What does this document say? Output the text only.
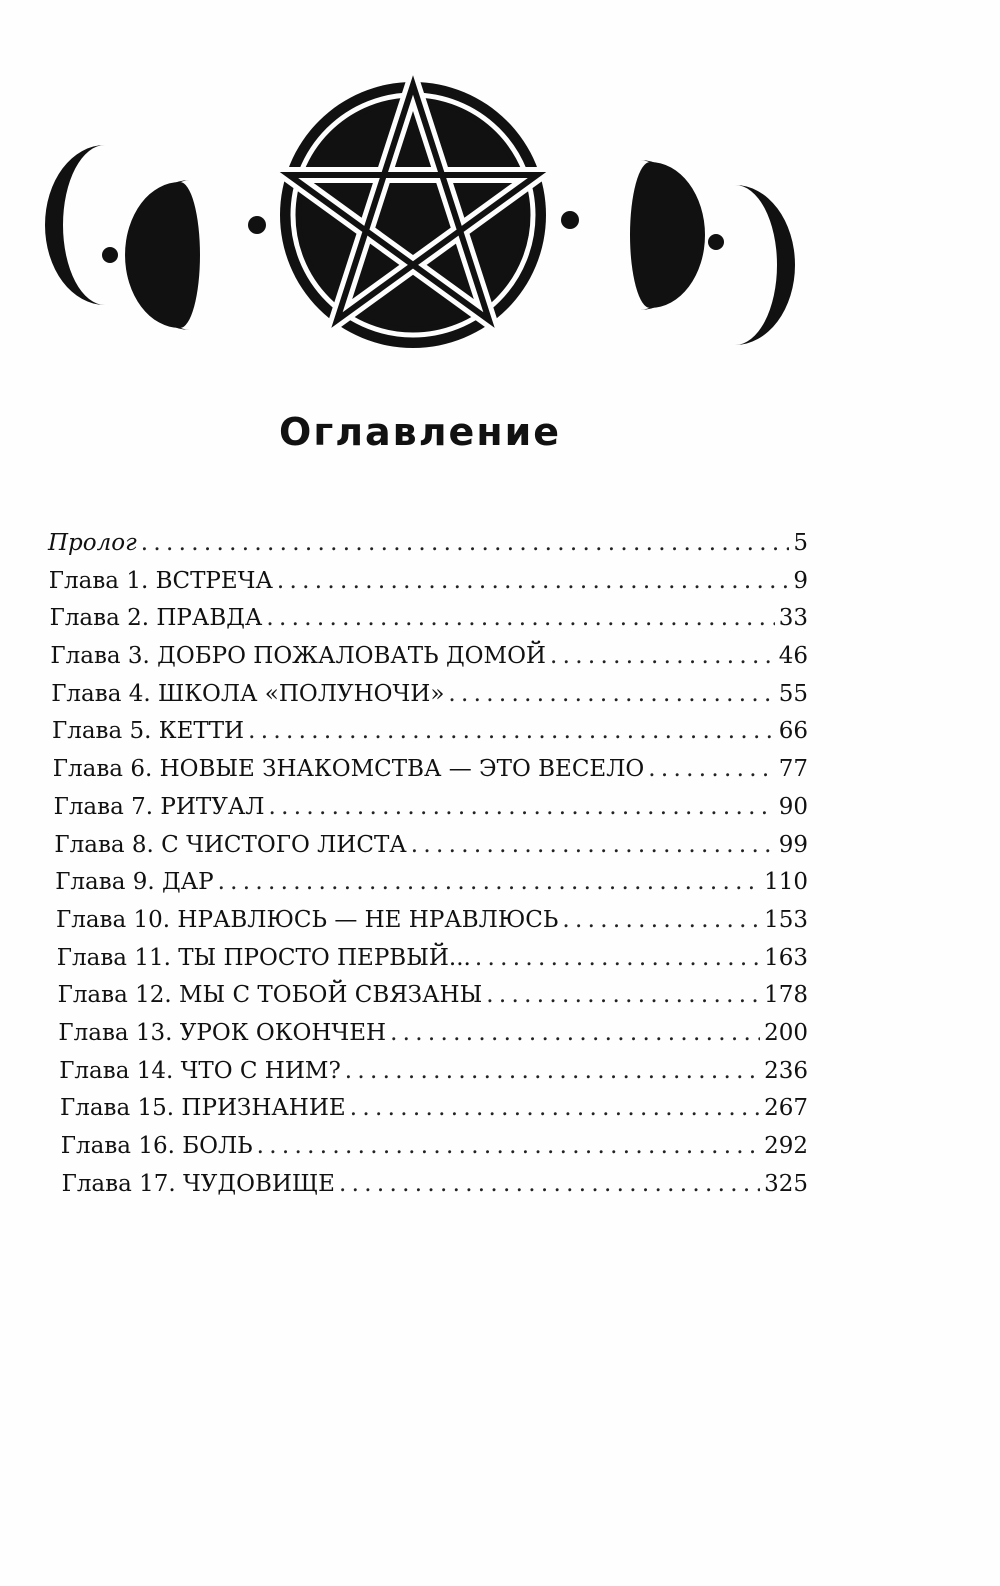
Оглавление
Пролог . . .	5
Глава 1. ВСТРЕЧА . . .	9
Глава 2. ПРАВДА . . .	33
Глава 3. ДОБРО ПОЖАЛОВАТЬ ДОМОЙ . . .	46
Глава 4. ШКОЛА «ПОЛУНОЧИ» . . .	55
Глава 5. КЕТТИ . . .	66
Глава 6. НОВЫЕ ЗНАКОМСТВА — ЭТО ВЕСЕЛО . . .	77
Глава 7. РИТУАЛ . . .	90
Глава 8. С ЧИСТОГО ЛИСТА . . .	99
Глава 9. ДАР . . .	110
Глава 10. НРАВЛЮСЬ — НЕ НРАВЛЮСЬ . . .	153
Глава 11. ТЫ ПРОСТО ПЕРВЫЙ... . . .	163
Глава 12. МЫ С ТОБОЙ СВЯЗАНЫ . . .	178
Глава 13. УРОК ОКОНЧЕН . . .	200
Глава 14. ЧТО С НИМ? . . .	236
Глава 15. ПРИЗНАНИЕ . . .	267
Глава 16. БОЛЬ . . .	292
Глава 17. ЧУДОВИЩЕ . . .	325
